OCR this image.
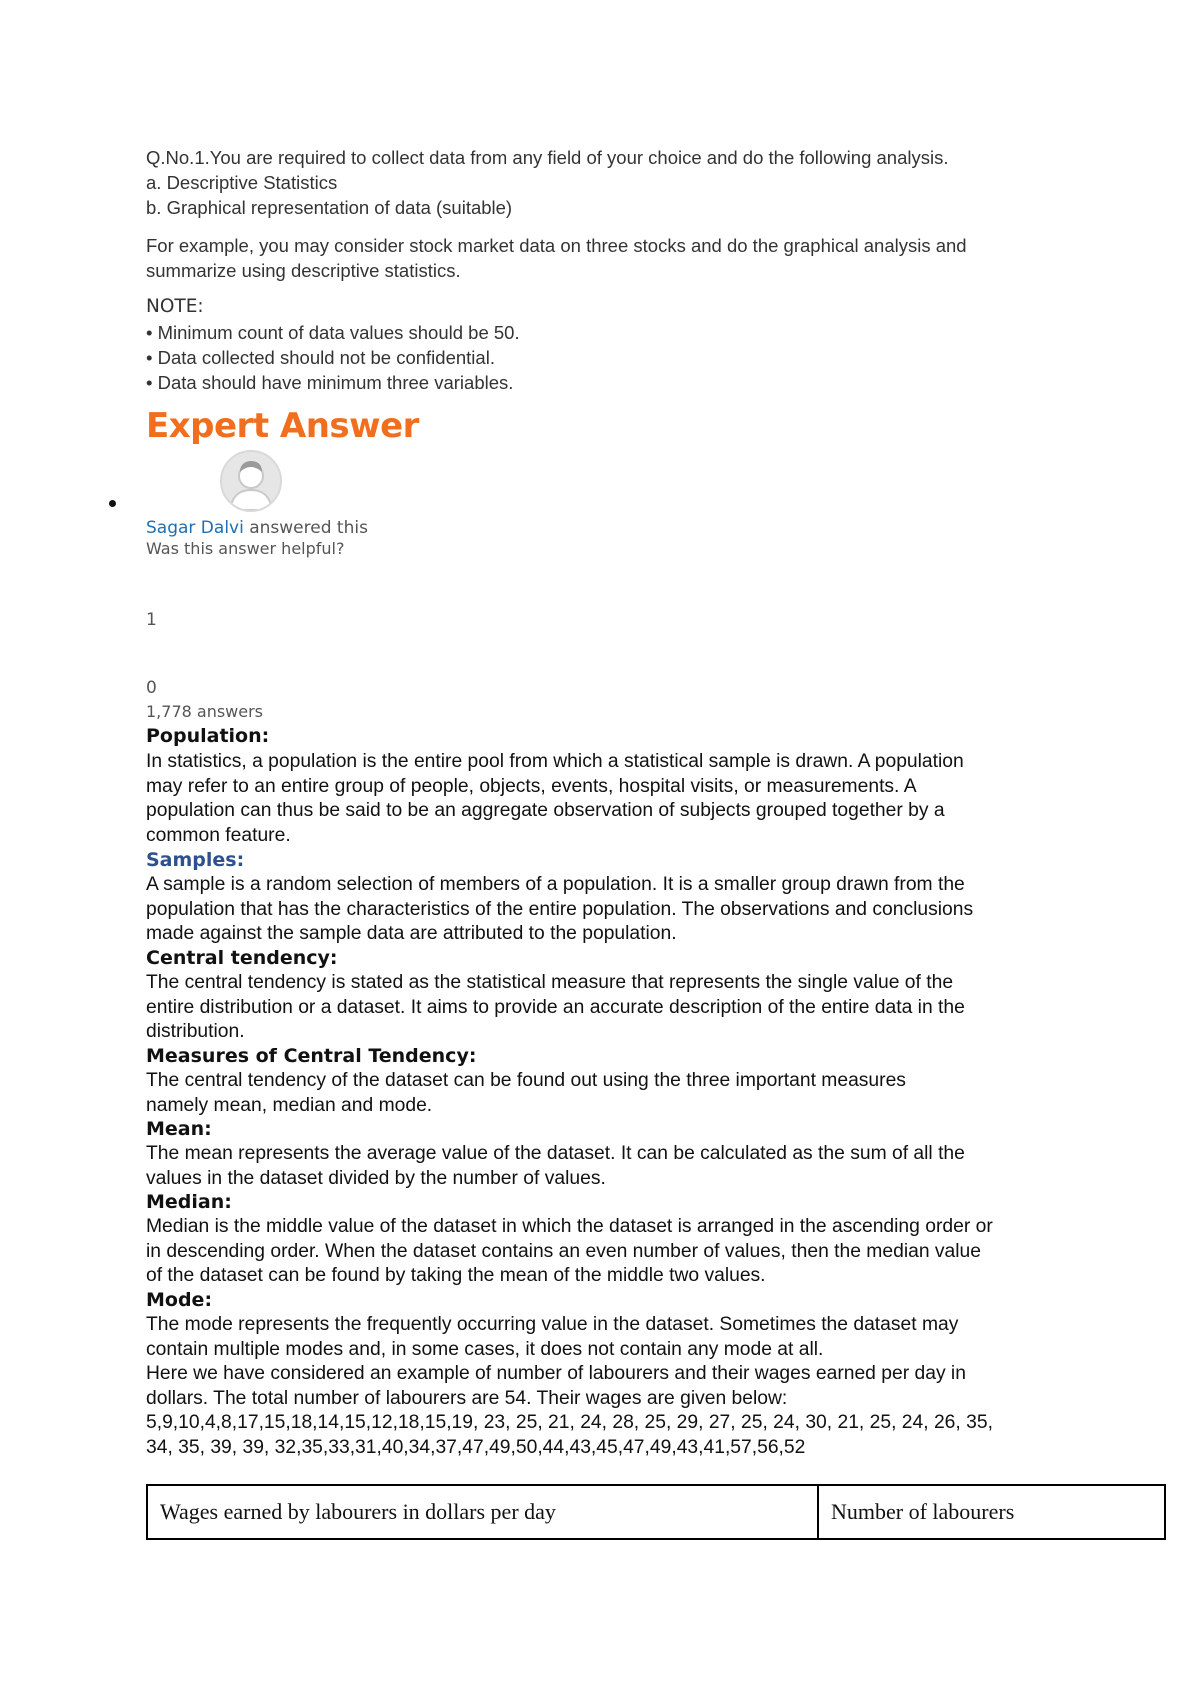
Q.No.1.You are required to collect data from any field of your choice and do the following analysis.
a. Descriptive Statistics
b. Graphical representation of data (suitable)
For example, you may consider stock market data on three stocks and do the graphical analysis and
summarize using descriptive statistics.
NOTE:
• Minimum count of data values should be 50.
• Data collected should not be confidential.
• Data should have minimum three variables.
Expert Answer
Sagar Dalvi answered this
Was this answer helpful?
1
0
1,778 answers
Population:
In statistics, a population is the entire pool from which a statistical sample is drawn. A population
may refer to an entire group of people, objects, events, hospital visits, or measurements. A
population can thus be said to be an aggregate observation of subjects grouped together by a
common feature.
Samples:
A sample is a random selection of members of a population. It is a smaller group drawn from the
population that has the characteristics of the entire population. The observations and conclusions
made against the sample data are attributed to the population.
Central tendency:
The central tendency is stated as the statistical measure that represents the single value of the
entire distribution or a dataset. It aims to provide an accurate description of the entire data in the
distribution.
Measures of Central Tendency:
The central tendency of the dataset can be found out using the three important measures
namely mean, median and mode.
Mean:
The mean represents the average value of the dataset. It can be calculated as the sum of all the
values in the dataset divided by the number of values.
Median:
Median is the middle value of the dataset in which the dataset is arranged in the ascending order or
in descending order. When the dataset contains an even number of values, then the median value
of the dataset can be found by taking the mean of the middle two values.
Mode:
The mode represents the frequently occurring value in the dataset. Sometimes the dataset may
contain multiple modes and, in some cases, it does not contain any mode at all.
Here we have considered an example of number of labourers and their wages earned per day in
dollars. The total number of labourers are 54. Their wages are given below:
5,9,10,4,8,17,15,18,14,15,12,18,15,19, 23, 25, 21, 24, 28, 25, 29, 27, 25, 24, 30, 21, 25, 24, 26, 35,
34, 35, 39, 39, 32,35,33,31,40,34,37,47,49,50,44,43,45,47,49,43,41,57,56,52
Wages earned by labourers in dollars per day	Number of labourers
